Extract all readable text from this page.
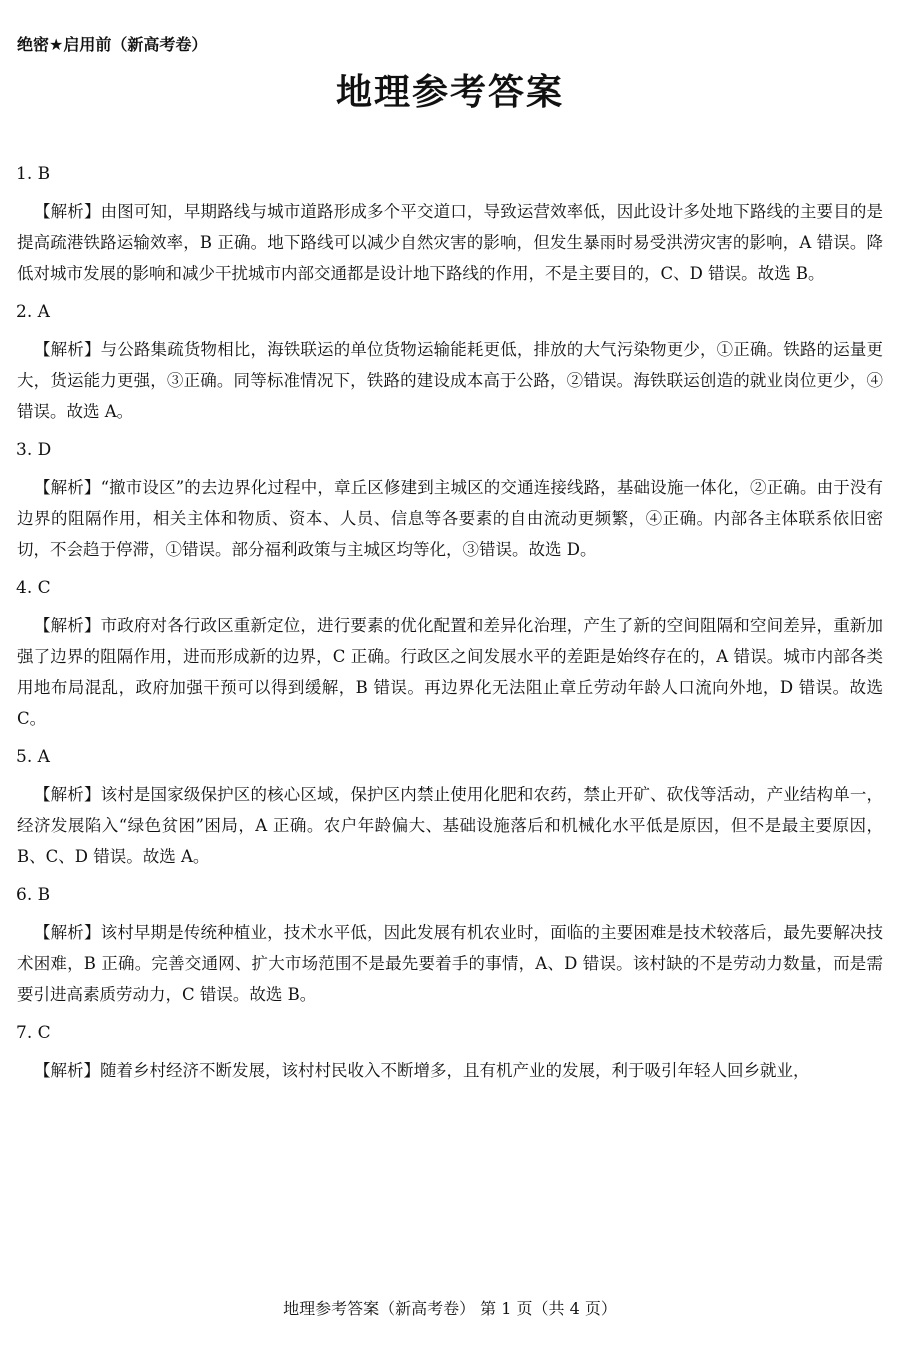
绝密★启用前（新高考卷）
地理参考答案
1. B
【解析】由图可知，早期路线与城市道路形成多个平交道口，导致运营效率低，因此设计多处地下路线的主要目的是提高疏港铁路运输效率，B 正确。地下路线可以减少自然灾害的影响，但发生暴雨时易受洪涝灾害的影响，A 错误。降低对城市发展的影响和减少干扰城市内部交通都是设计地下路线的作用，不是主要目的，C、D 错误。故选 B。
2. A
【解析】与公路集疏货物相比，海铁联运的单位货物运输能耗更低，排放的大气污染物更少，①正确。铁路的运量更大，货运能力更强，③正确。同等标准情况下，铁路的建设成本高于公路，②错误。海铁联运创造的就业岗位更少，④错误。故选 A。
3. D
【解析】“撤市设区”的去边界化过程中，章丘区修建到主城区的交通连接线路，基础设施一体化，②正确。由于没有边界的阻隔作用，相关主体和物质、资本、人员、信息等各要素的自由流动更频繁，④正确。内部各主体联系依旧密切，不会趋于停滞，①错误。部分福利政策与主城区均等化，③错误。故选 D。
4. C
【解析】市政府对各行政区重新定位，进行要素的优化配置和差异化治理，产生了新的空间阻隔和空间差异，重新加强了边界的阻隔作用，进而形成新的边界，C 正确。行政区之间发展水平的差距是始终存在的，A 错误。城市内部各类用地布局混乱，政府加强干预可以得到缓解，B 错误。再边界化无法阻止章丘劳动年龄人口流向外地，D 错误。故选 C。
5. A
【解析】该村是国家级保护区的核心区域，保护区内禁止使用化肥和农药，禁止开矿、砍伐等活动，产业结构单一，经济发展陷入“绿色贫困”困局，A 正确。农户年龄偏大、基础设施落后和机械化水平低是原因，但不是最主要原因，B、C、D 错误。故选 A。
6. B
【解析】该村早期是传统种植业，技术水平低，因此发展有机农业时，面临的主要困难是技术较落后，最先要解决技术困难，B 正确。完善交通网、扩大市场范围不是最先要着手的事情，A、D 错误。该村缺的不是劳动力数量，而是需要引进高素质劳动力，C 错误。故选 B。
7. C
【解析】随着乡村经济不断发展，该村村民收入不断增多，且有机产业的发展，利于吸引年轻人回乡就业，
地理参考答案（新高考卷） 第 1 页（共 4 页）
